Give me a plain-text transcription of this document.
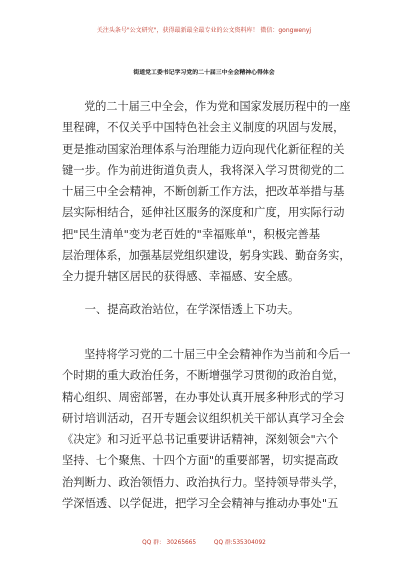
关注头条号"公文研究"，获得最新最全最专业的公文资料库！ 微信：gongwenyj
街道党工委书记学习党的二十届三中全会精神心得体会
　　党的二十届三中全会，作为党和国家发展历程中的一座
里程碑，不仅关乎中国特色社会主义制度的巩固与发展，
更是推动国家治理体系与治理能力迈向现代化新征程的关
键一步。作为前进街道负责人，我将深入学习贯彻党的二
十届三中全会精神，不断创新工作方法，把改革举措与基
层实际相结合，延伸社区服务的深度和广度，用实际行动
把"民生清单"变为老百姓的"幸福账单"，积极完善基
层治理体系，加强基层党组织建设，躬身实践、勤奋务实，
全力提升辖区居民的获得感、幸福感、安全感。
　　一、提高政治站位，在学深悟透上下功夫。
　　坚持将学习党的二十届三中全会精神作为当前和今后一
个时期的重大政治任务，不断增强学习贯彻的政治自觉，
精心组织、周密部署，在办事处认真开展多种形式的学习
研讨培训活动，召开专题会议组织机关干部认真学习全会
《决定》和习近平总书记重要讲话精神，深刻领会"六个
坚持、七个聚焦、十四个方面"的重要部署，切实提高政
治判断力、政治领悟力、政治执行力。坚持领导带头学，
学深悟透、以学促进，把学习全会精神与推动办事处"五
QQ 群： 30265665	QQ 群:535304092
